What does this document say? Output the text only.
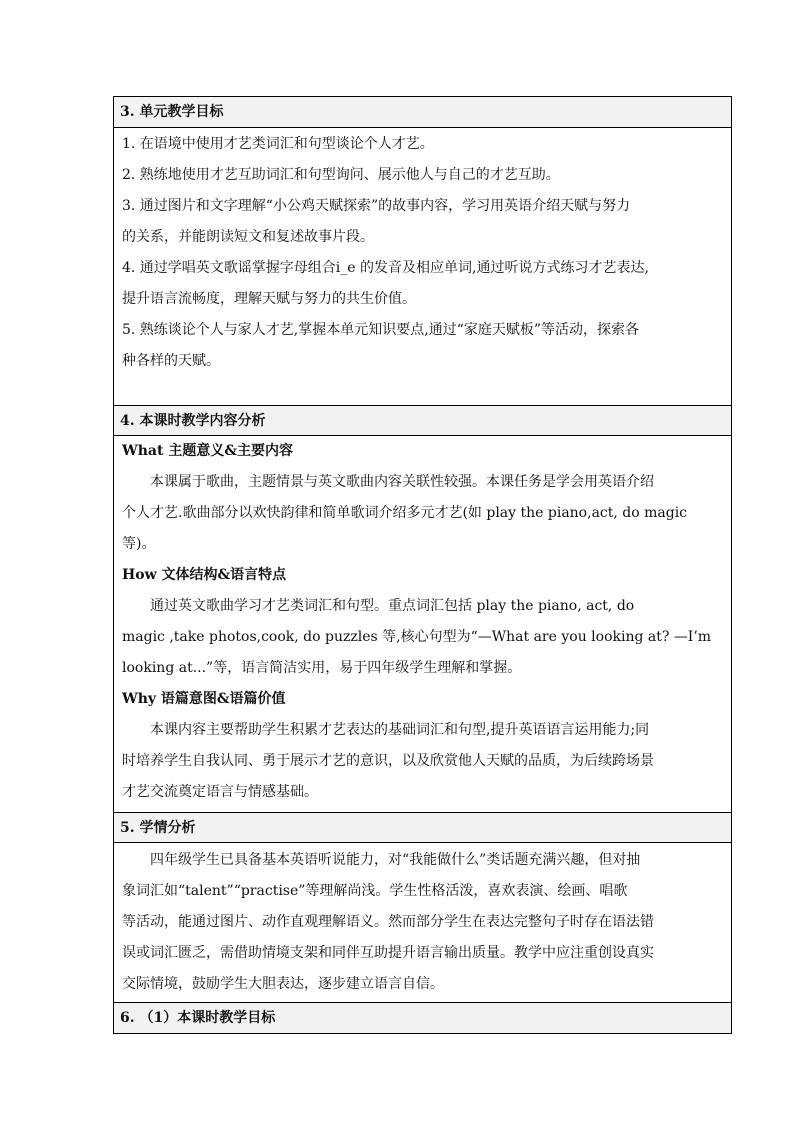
3. 单元教学目标

1. 在语境中使用才艺类词汇和句型谈论个人才艺。

2. 熟练地使用才艺互助词汇和句型询问、展示他人与自己的才艺互助。

3. 通过图片和文字理解“小公鸡天赋探索”的故事内容，学习用英语介绍天赋与努力

的关系，并能朗读短文和复述故事片段。

4. 通过学唱英文歌谣掌握字母组合i_e 的发音及相应单词,通过听说方式练习才艺表达,

提升语言流畅度，理解天赋与努力的共生价值。

5. 熟练谈论个人与家人才艺,掌握本单元知识要点,通过“家庭天赋板”等活动，探索各

种各样的天赋。

4. 本课时教学内容分析

What 主题意义&主要内容

本课属于歌曲，主题情景与英文歌曲内容关联性较强。本课任务是学会用英语介绍

个人才艺.歌曲部分以欢快韵律和简单歌词介绍多元才艺(如 play the piano,act, do magic

等)。

How 文体结构&语言特点

通过英文歌曲学习才艺类词汇和句型。重点词汇包括 play the piano, act, do

magic ,take photos,cook, do puzzles 等,核心句型为“—What are you looking at? —I’m

looking at...”等，语言简洁实用，易于四年级学生理解和掌握。

Why 语篇意图&语篇价值

本课内容主要帮助学生积累才艺表达的基础词汇和句型,提升英语语言运用能力;同

时培养学生自我认同、勇于展示才艺的意识，以及欣赏他人天赋的品质，为后续跨场景

才艺交流奠定语言与情感基础。

5. 学情分析

四年级学生已具备基本英语听说能力，对“我能做什么”类话题充满兴趣，但对抽

象词汇如“talent”“practise”等理解尚浅。学生性格活泼，喜欢表演、绘画、唱歌

等活动，能通过图片、动作直观理解语义。然而部分学生在表达完整句子时存在语法错

误或词汇匮乏，需借助情境支架和同伴互助提升语言输出质量。教学中应注重创设真实

交际情境，鼓励学生大胆表达，逐步建立语言自信。

6. （1）本课时教学目标
